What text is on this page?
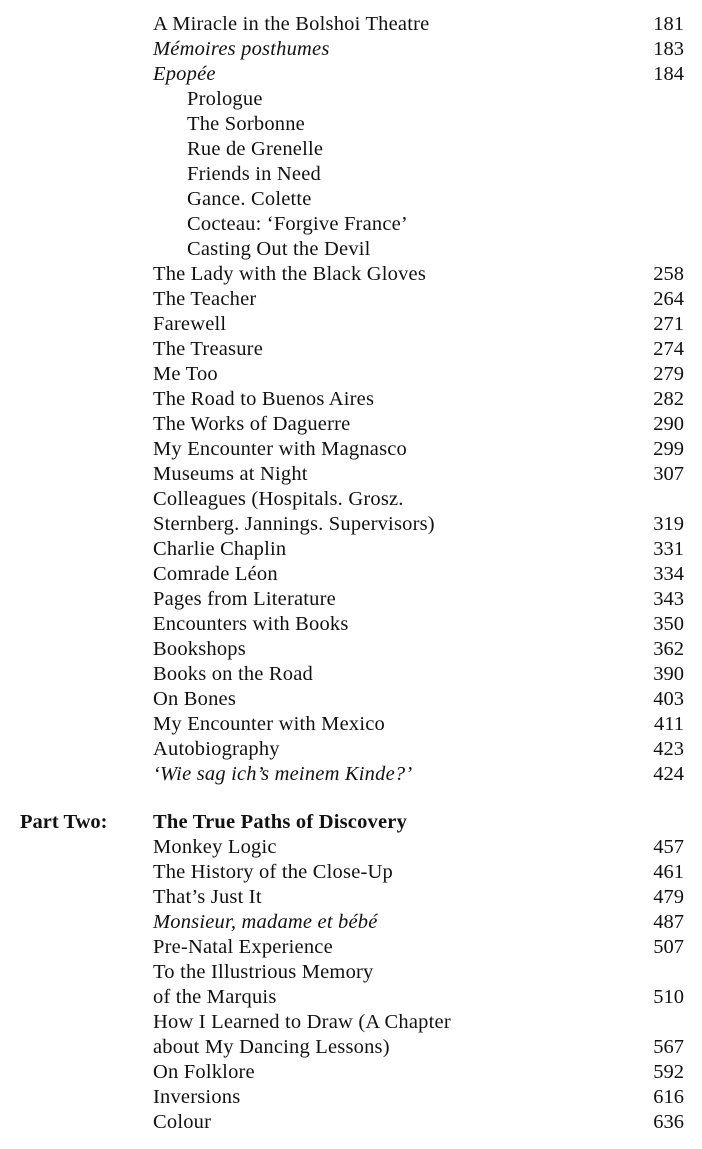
A Miracle in the Bolshoi Theatre	181
Mémoires posthumes	183
Epopée	184
Prologue
The Sorbonne
Rue de Grenelle
Friends in Need
Gance. Colette
Cocteau: ‘Forgive France’
Casting Out the Devil
The Lady with the Black Gloves	258
The Teacher	264
Farewell	271
The Treasure	274
Me Too	279
The Road to Buenos Aires	282
The Works of Daguerre	290
My Encounter with Magnasco	299
Museums at Night	307
Colleagues (Hospitals. Grosz.
Sternberg. Jannings. Supervisors)	319
Charlie Chaplin	331
Comrade Léon	334
Pages from Literature	343
Encounters with Books	350
Bookshops	362
Books on the Road	390
On Bones	403
My Encounter with Mexico	411
Autobiography	423
‘Wie sag ich’s meinem Kinde?’	424
Part Two: The True Paths of Discovery
Monkey Logic	457
The History of the Close-Up	461
That’s Just It	479
Monsieur, madame et bébé	487
Pre-Natal Experience	507
To the Illustrious Memory
of the Marquis	510
How I Learned to Draw (A Chapter
about My Dancing Lessons)	567
On Folklore	592
Inversions	616
Colour	636
